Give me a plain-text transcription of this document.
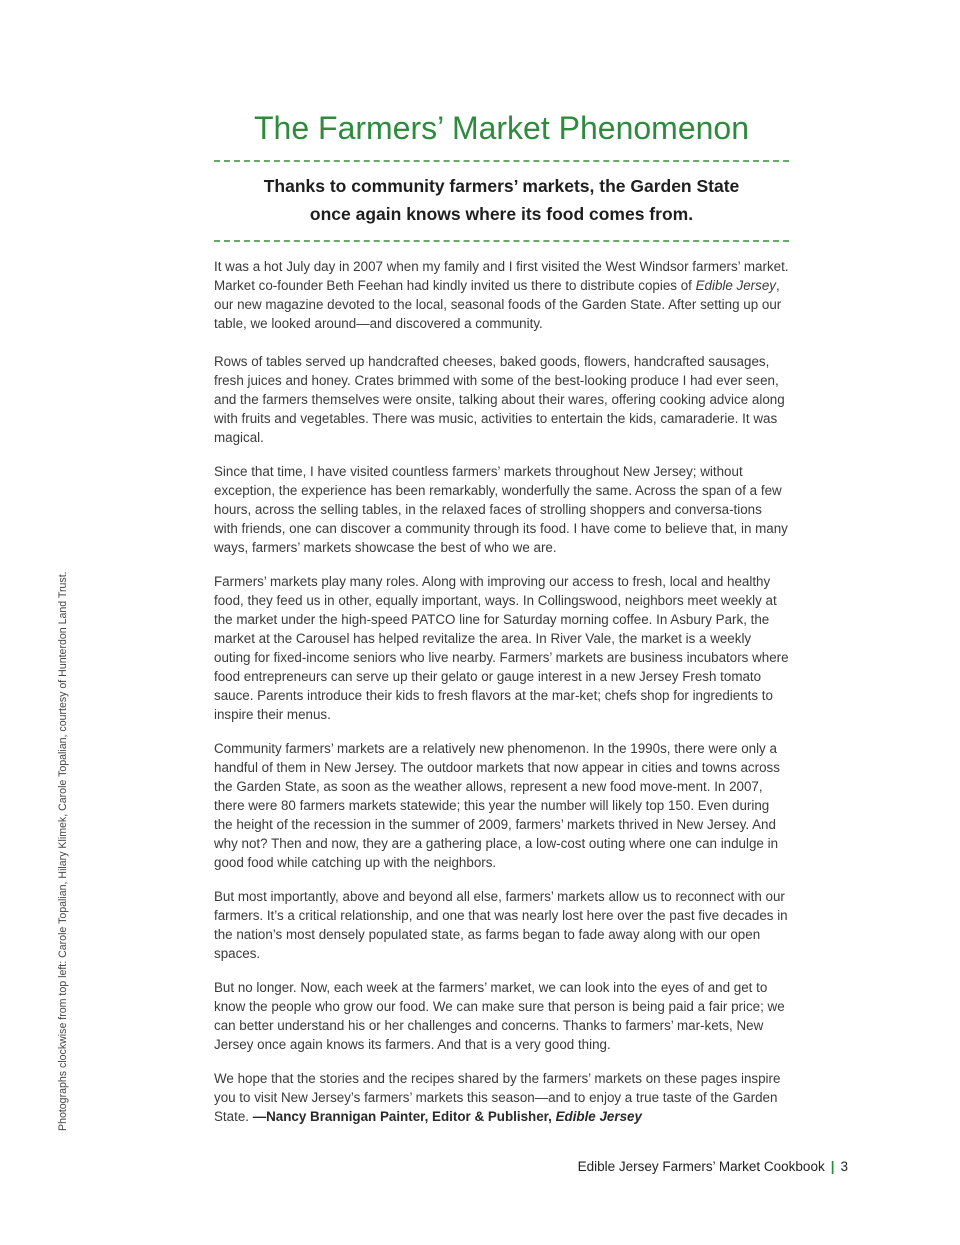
The Farmers’ Market Phenomenon
Thanks to community farmers’ markets, the Garden State
once again knows where its food comes from.

It was a hot July day in 2007 when my family and I first visited the West Windsor farmers’ market. Market co-founder Beth Feehan had kindly invited us there to distribute copies of Edible Jersey, our new magazine devoted to the local, seasonal foods of the Garden State. After setting up our table, we looked around—and discovered a community.

Rows of tables served up handcrafted cheeses, baked goods, flowers, handcrafted sausages, fresh juices and honey. Crates brimmed with some of the best-looking produce I had ever seen, and the farmers themselves were onsite, talking about their wares, offering cooking advice along with fruits and vegetables. There was music, activities to entertain the kids, camaraderie. It was magical.

Since that time, I have visited countless farmers’ markets throughout New Jersey; without exception, the experience has been remarkably, wonderfully the same. Across the span of a few hours, across the selling tables, in the relaxed faces of strolling shoppers and conversa-tions with friends, one can discover a community through its food. I have come to believe that, in many ways, farmers’ markets showcase the best of who we are.

Farmers’ markets play many roles. Along with improving our access to fresh, local and healthy food, they feed us in other, equally important, ways. In Collingswood, neighbors meet weekly at the market under the high-speed PATCO line for Saturday morning coffee. In Asbury Park, the market at the Carousel has helped revitalize the area. In River Vale, the market is a weekly outing for fixed-income seniors who live nearby. Farmers’ markets are business incubators where food entrepreneurs can serve up their gelato or gauge interest in a new Jersey Fresh tomato sauce. Parents introduce their kids to fresh flavors at the mar-ket; chefs shop for ingredients to inspire their menus.

Community farmers’ markets are a relatively new phenomenon. In the 1990s, there were only a handful of them in New Jersey. The outdoor markets that now appear in cities and towns across the Garden State, as soon as the weather allows, represent a new food move-ment. In 2007, there were 80 farmers markets statewide; this year the number will likely top 150. Even during the height of the recession in the summer of 2009, farmers’ markets thrived in New Jersey. And why not? Then and now, they are a gathering place, a low-cost outing where one can indulge in good food while catching up with the neighbors.

But most importantly, above and beyond all else, farmers’ markets allow us to reconnect with our farmers. It’s a critical relationship, and one that was nearly lost here over the past five decades in the nation’s most densely populated state, as farms began to fade away along with our open spaces.

But no longer. Now, each week at the farmers’ market, we can look into the eyes of and get to know the people who grow our food. We can make sure that person is being paid a fair price; we can better understand his or her challenges and concerns. Thanks to farmers’ mar-kets, New Jersey once again knows its farmers. And that is a very good thing.

We hope that the stories and the recipes shared by the farmers’ markets on these pages inspire you to visit New Jersey’s farmers’ markets this season—and to enjoy a true taste of the Garden State. —Nancy Brannigan Painter, Editor & Publisher, Edible Jersey

Photographs clockwise from top left: Carole Topalian, Hilary Klimek, Carole Topalian, courtesy of Hunterdon Land Trust.
Edible Jersey Farmers’ Market Cookbook | 3
